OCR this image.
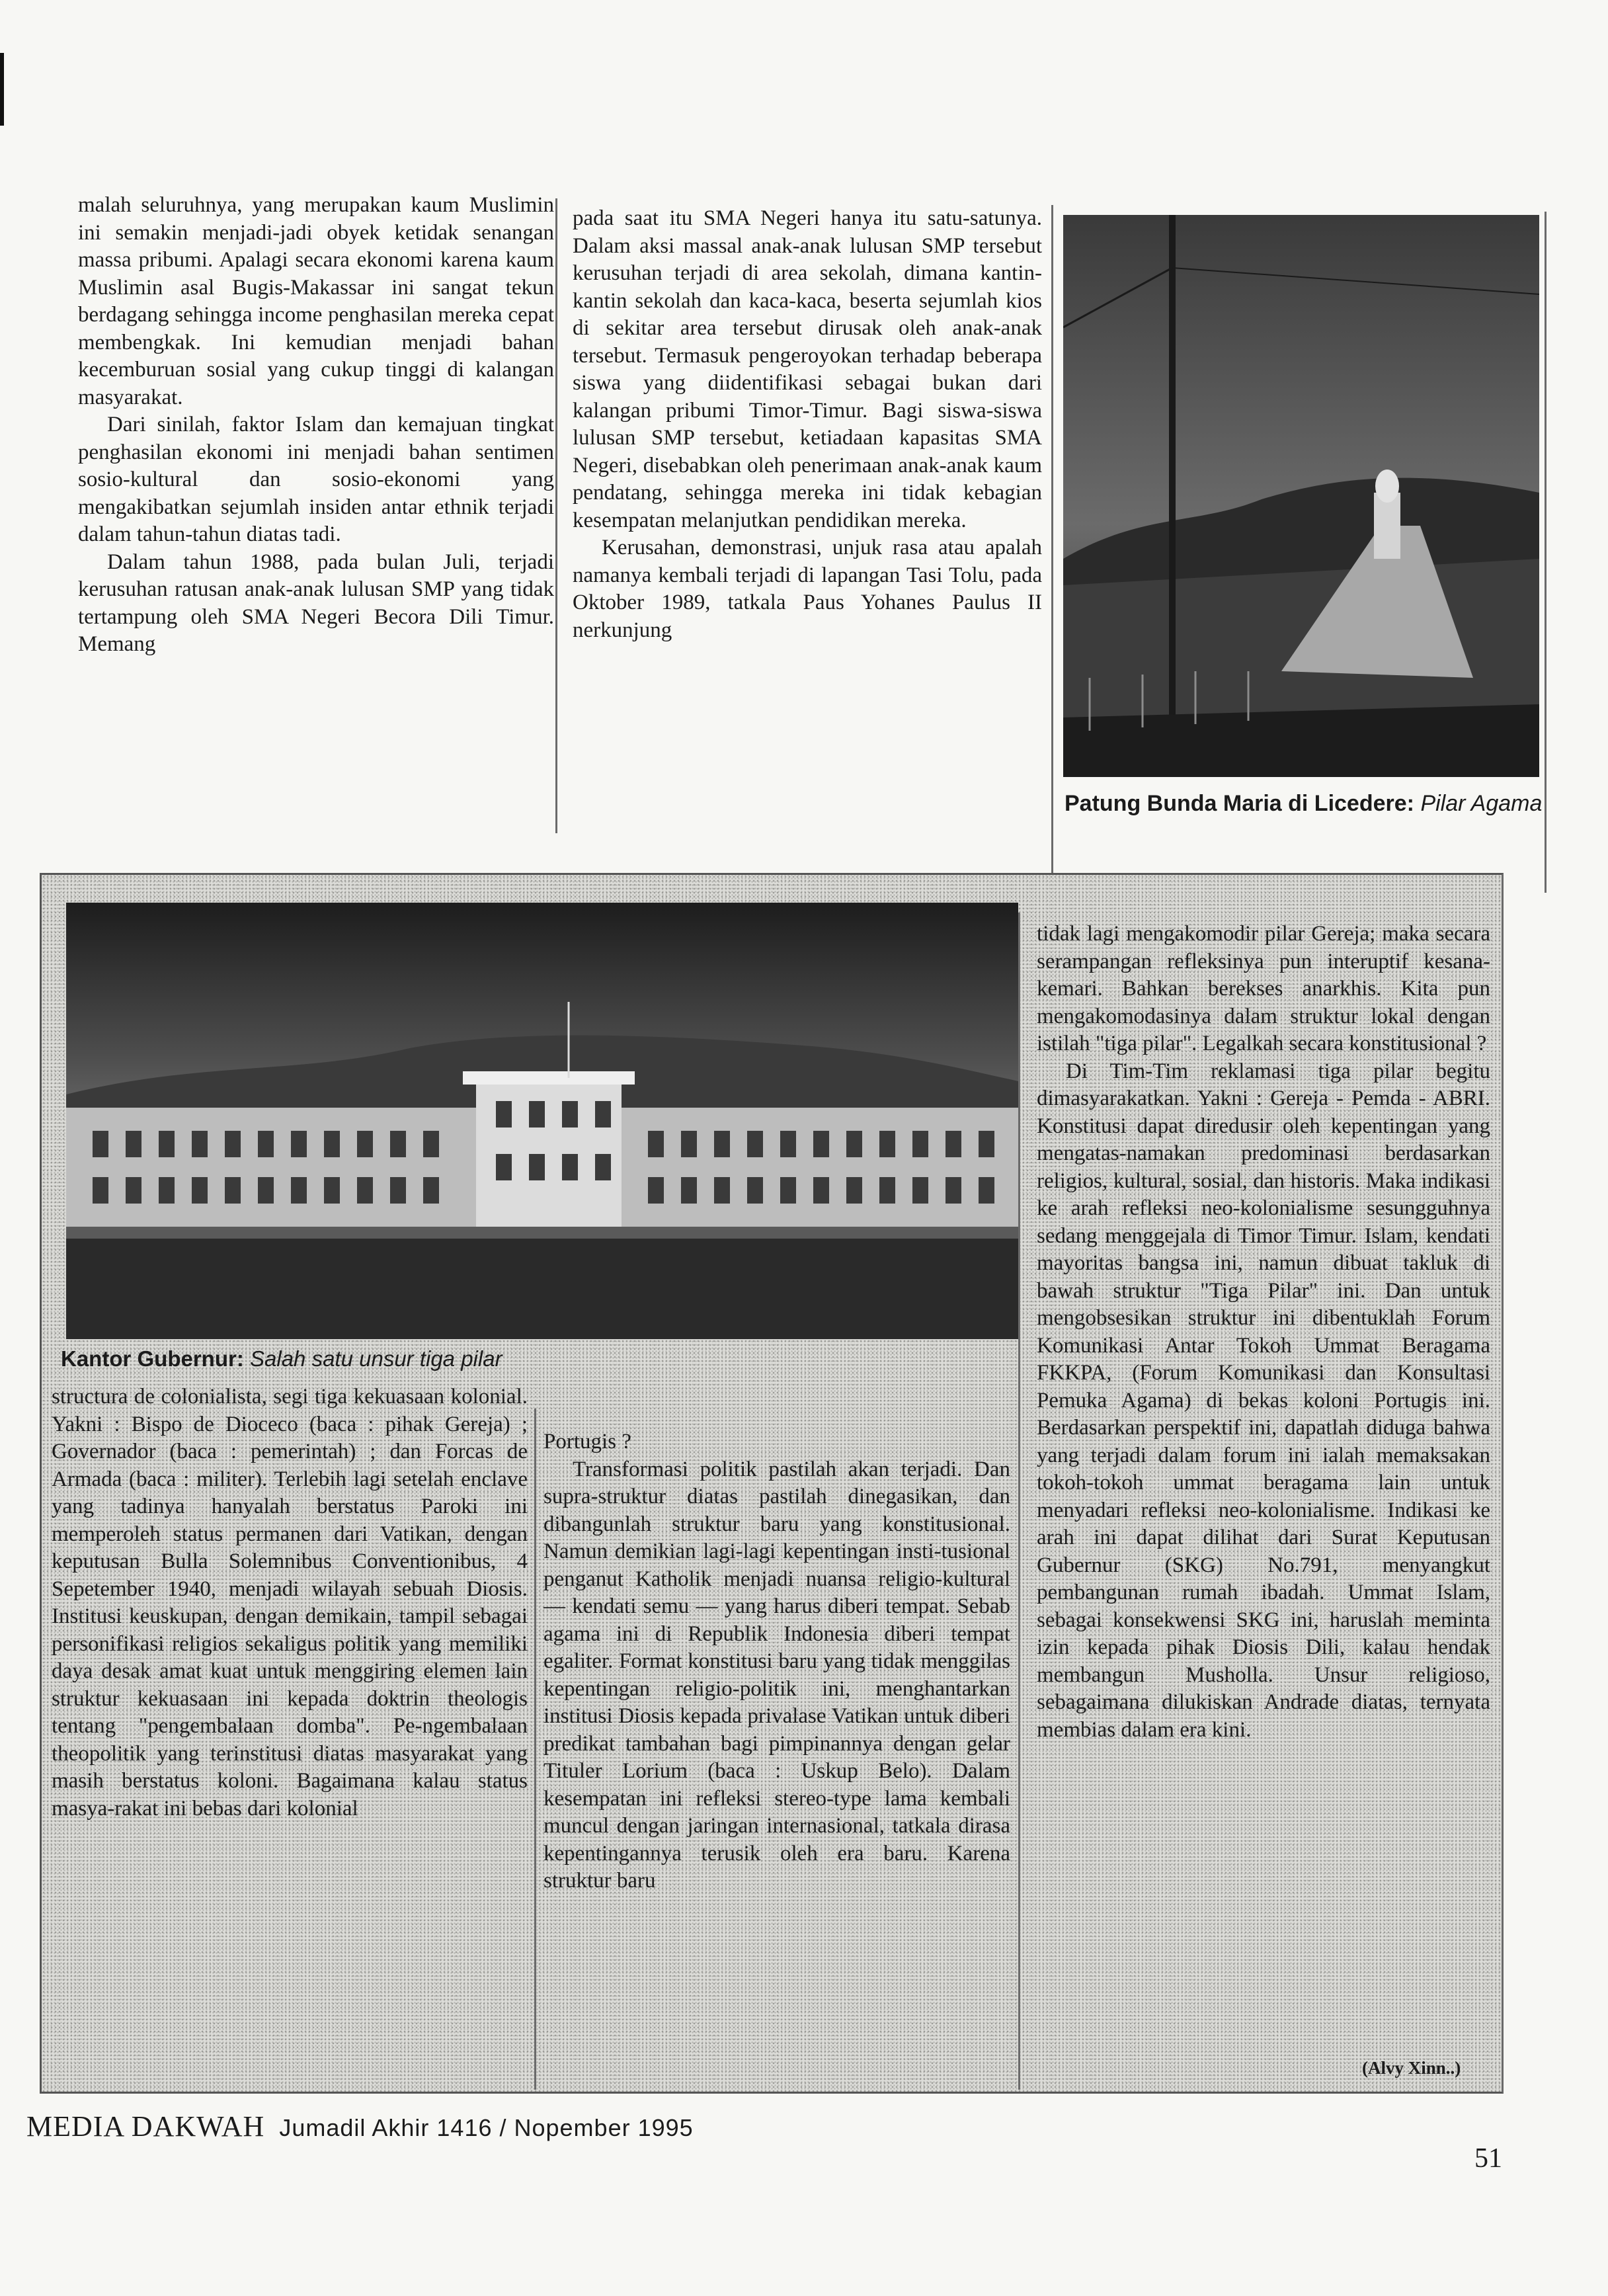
malah seluruhnya, yang merupakan kaum Muslimin ini semakin menjadi-jadi obyek ketidak senangan massa pribumi. Apalagi secara ekonomi karena kaum Muslimin asal Bugis-Makassar ini sangat tekun berdagang sehingga income penghasilan mereka cepat membengkak. Ini kemudian menjadi bahan kecemburuan sosial yang cukup tinggi di kalangan masyarakat.

Dari sinilah, faktor Islam dan kemajuan tingkat penghasilan ekonomi ini menjadi bahan sentimen sosio-kultural dan sosio-ekonomi yang mengakibatkan sejumlah insiden antar ethnik terjadi dalam tahun-tahun diatas tadi.

Dalam tahun 1988, pada bulan Juli, terjadi kerusuhan ratusan anak-anak lulusan SMP yang tidak tertampung oleh SMA Negeri Becora Dili Timur. Memang

pada saat itu SMA Negeri hanya itu satu-satunya. Dalam aksi massal anak-anak lulusan SMP tersebut kerusuhan terjadi di area sekolah, dimana kantin-kantin sekolah dan kaca-kaca, beserta sejumlah kios di sekitar area tersebut dirusak oleh anak-anak tersebut. Termasuk pengeroyokan terhadap beberapa siswa yang diidentifikasi sebagai bukan dari kalangan pribumi Timor-Timur. Bagi siswa-siswa lulusan SMP tersebut, ketiadaan kapasitas SMA Negeri, disebabkan oleh penerimaan anak-anak kaum pendatang, sehingga mereka ini tidak kebagian kesempatan melanjutkan pendidikan mereka.

Kerusahan, demonstrasi, unjuk rasa atau apalah namanya kembali terjadi di lapangan Tasi Tolu, pada Oktober 1989, tatkala Paus Yohanes Paulus II nerkunjung

Patung Bunda Maria di Licedere: Pilar Agama
Kantor Gubernur: Salah satu unsur tiga pilar

structura de colonialista, segi tiga kekuasaan kolonial. Yakni : Bispo de Dioceco (baca : pihak Gereja) ; Governador (baca : pemerintah) ; dan Forcas de Armada (baca : militer). Terlebih lagi setelah enclave yang tadinya hanyalah berstatus Paroki ini memperoleh status permanen dari Vatikan, dengan keputusan Bulla Solemnibus Conventionibus, 4 Sepetember 1940, menjadi wilayah sebuah Diosis. Institusi keuskupan, dengan demikain, tampil sebagai personifikasi religios sekaligus politik yang memiliki daya desak amat kuat untuk menggiring elemen lain struktur kekuasaan ini kepada doktrin theologis tentang "pengembalaan domba". Pe-ngembalaan theopolitik yang terinstitusi diatas masyarakat yang masih berstatus koloni. Bagaimana kalau status masya-rakat ini bebas dari kolonial

Portugis ?

Transformasi politik pastilah akan terjadi. Dan supra-struktur diatas pastilah dinegasikan, dan dibangunlah struktur baru yang konstitusional. Namun demikian lagi-lagi kepentingan insti-tusional penganut Katholik menjadi nuansa religio-kultural — kendati semu — yang harus diberi tempat. Sebab agama ini di Republik Indonesia diberi tempat egaliter. Format konstitusi baru yang tidak menggilas kepentingan religio-politik ini, menghantarkan institusi Diosis kepada privalase Vatikan untuk diberi predikat tambahan bagi pimpinannya dengan gelar Tituler Lorium (baca : Uskup Belo). Dalam kesempatan ini refleksi stereo-type lama kembali muncul dengan jaringan internasional, tatkala dirasa kepentingannya terusik oleh era baru. Karena struktur baru

tidak lagi mengakomodir pilar Gereja; maka secara serampangan refleksinya pun interuptif kesana-kemari. Bahkan berekses anarkhis. Kita pun mengakomodasinya dalam struktur lokal dengan istilah "tiga pilar". Legalkah secara konstitusional ?

Di Tim-Tim reklamasi tiga pilar begitu dimasyarakatkan. Yakni : Gereja - Pemda - ABRI. Konstitusi dapat diredusir oleh kepentingan yang mengatas-namakan predominasi berdasarkan religios, kultural, sosial, dan historis. Maka indikasi ke arah refleksi neo-kolonialisme sesungguhnya sedang menggejala di Timor Timur. Islam, kendati mayoritas bangsa ini, namun dibuat takluk di bawah struktur "Tiga Pilar" ini. Dan untuk mengobsesikan struktur ini dibentuklah Forum Komunikasi Antar Tokoh Ummat Beragama FKKPA, (Forum Komunikasi dan Konsultasi Pemuka Agama) di bekas koloni Portugis ini. Berdasarkan perspektif ini, dapatlah diduga bahwa yang terjadi dalam forum ini ialah memaksakan tokoh-tokoh ummat beragama lain untuk menyadari refleksi neo-kolonialisme. Indikasi ke arah ini dapat dilihat dari Surat Keputusan Gubernur (SKG) No.791, menyangkut pembangunan rumah ibadah. Ummat Islam, sebagai konsekwensi SKG ini, haruslah meminta izin kepada pihak Diosis Dili, kalau hendak membangun Musholla. Unsur religioso, sebagaimana dilukiskan Andrade diatas, ternyata membias dalam era kini.

(Alvy Xinn..)
MEDIA DAKWAH Jumadil Akhir 1416 / Nopember 1995
51
